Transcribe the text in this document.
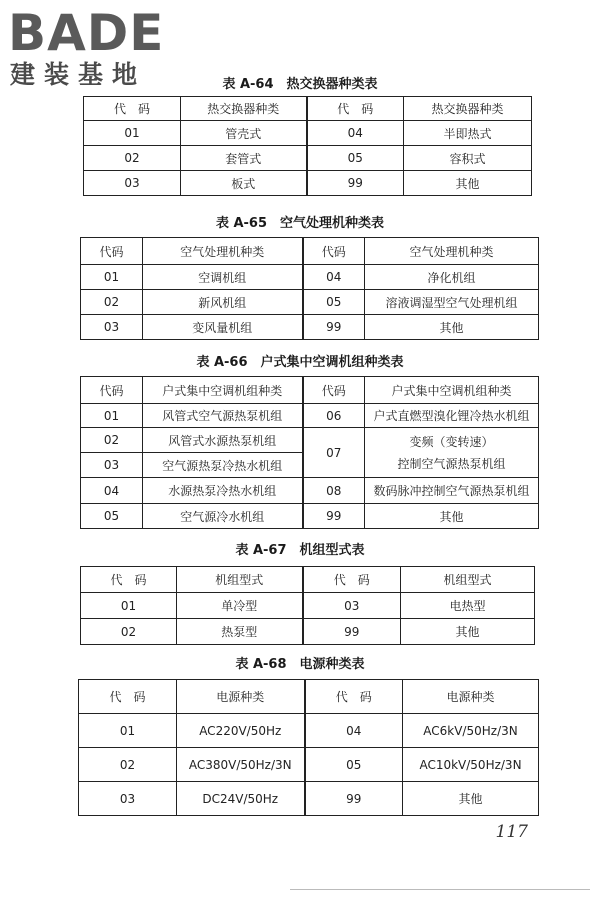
BADE
建装基地	表 A-64　热交换器种类表
代　码	热交换器种类	代　码	热交换器种类
01	管壳式	04	半即热式
02	套管式	05	容积式
03	板式	99	其他
表 A-65　空气处理机种类表
代码	空气处理机种类	代码	空气处理机种类
01	空调机组	04	净化机组
02	新风机组	05	溶液调湿型空气处理机组
03	变风量机组	99	其他
表 A-66　户式集中空调机组种类表
代码	户式集中空调机组种类	代码	户式集中空调机组种类
01	风管式空气源热泵机组	06	户式直燃型溴化锂冷热水机组
02	风管式水源热泵机组	07	变频（变转速）
控制空气源热泵机组

03	空气源热泵冷热水机组		
04	水源热泵冷热水机组	08	数码脉冲控制空气源热泵机组
05	空气源冷水机组	99	其他
表 A-67　机组型式表
代　码	机组型式	代　码	机组型式
01	单冷型	03	电热型
02	热泵型	99	其他
表 A-68　电源种类表
代　码	电源种类	代　码	电源种类
01	AC220V/50Hz	04	AC6kV/50Hz/3N
02	AC380V/50Hz/3N	05	AC10kV/50Hz/3N
03	DC24V/50Hz	99	其他
117
